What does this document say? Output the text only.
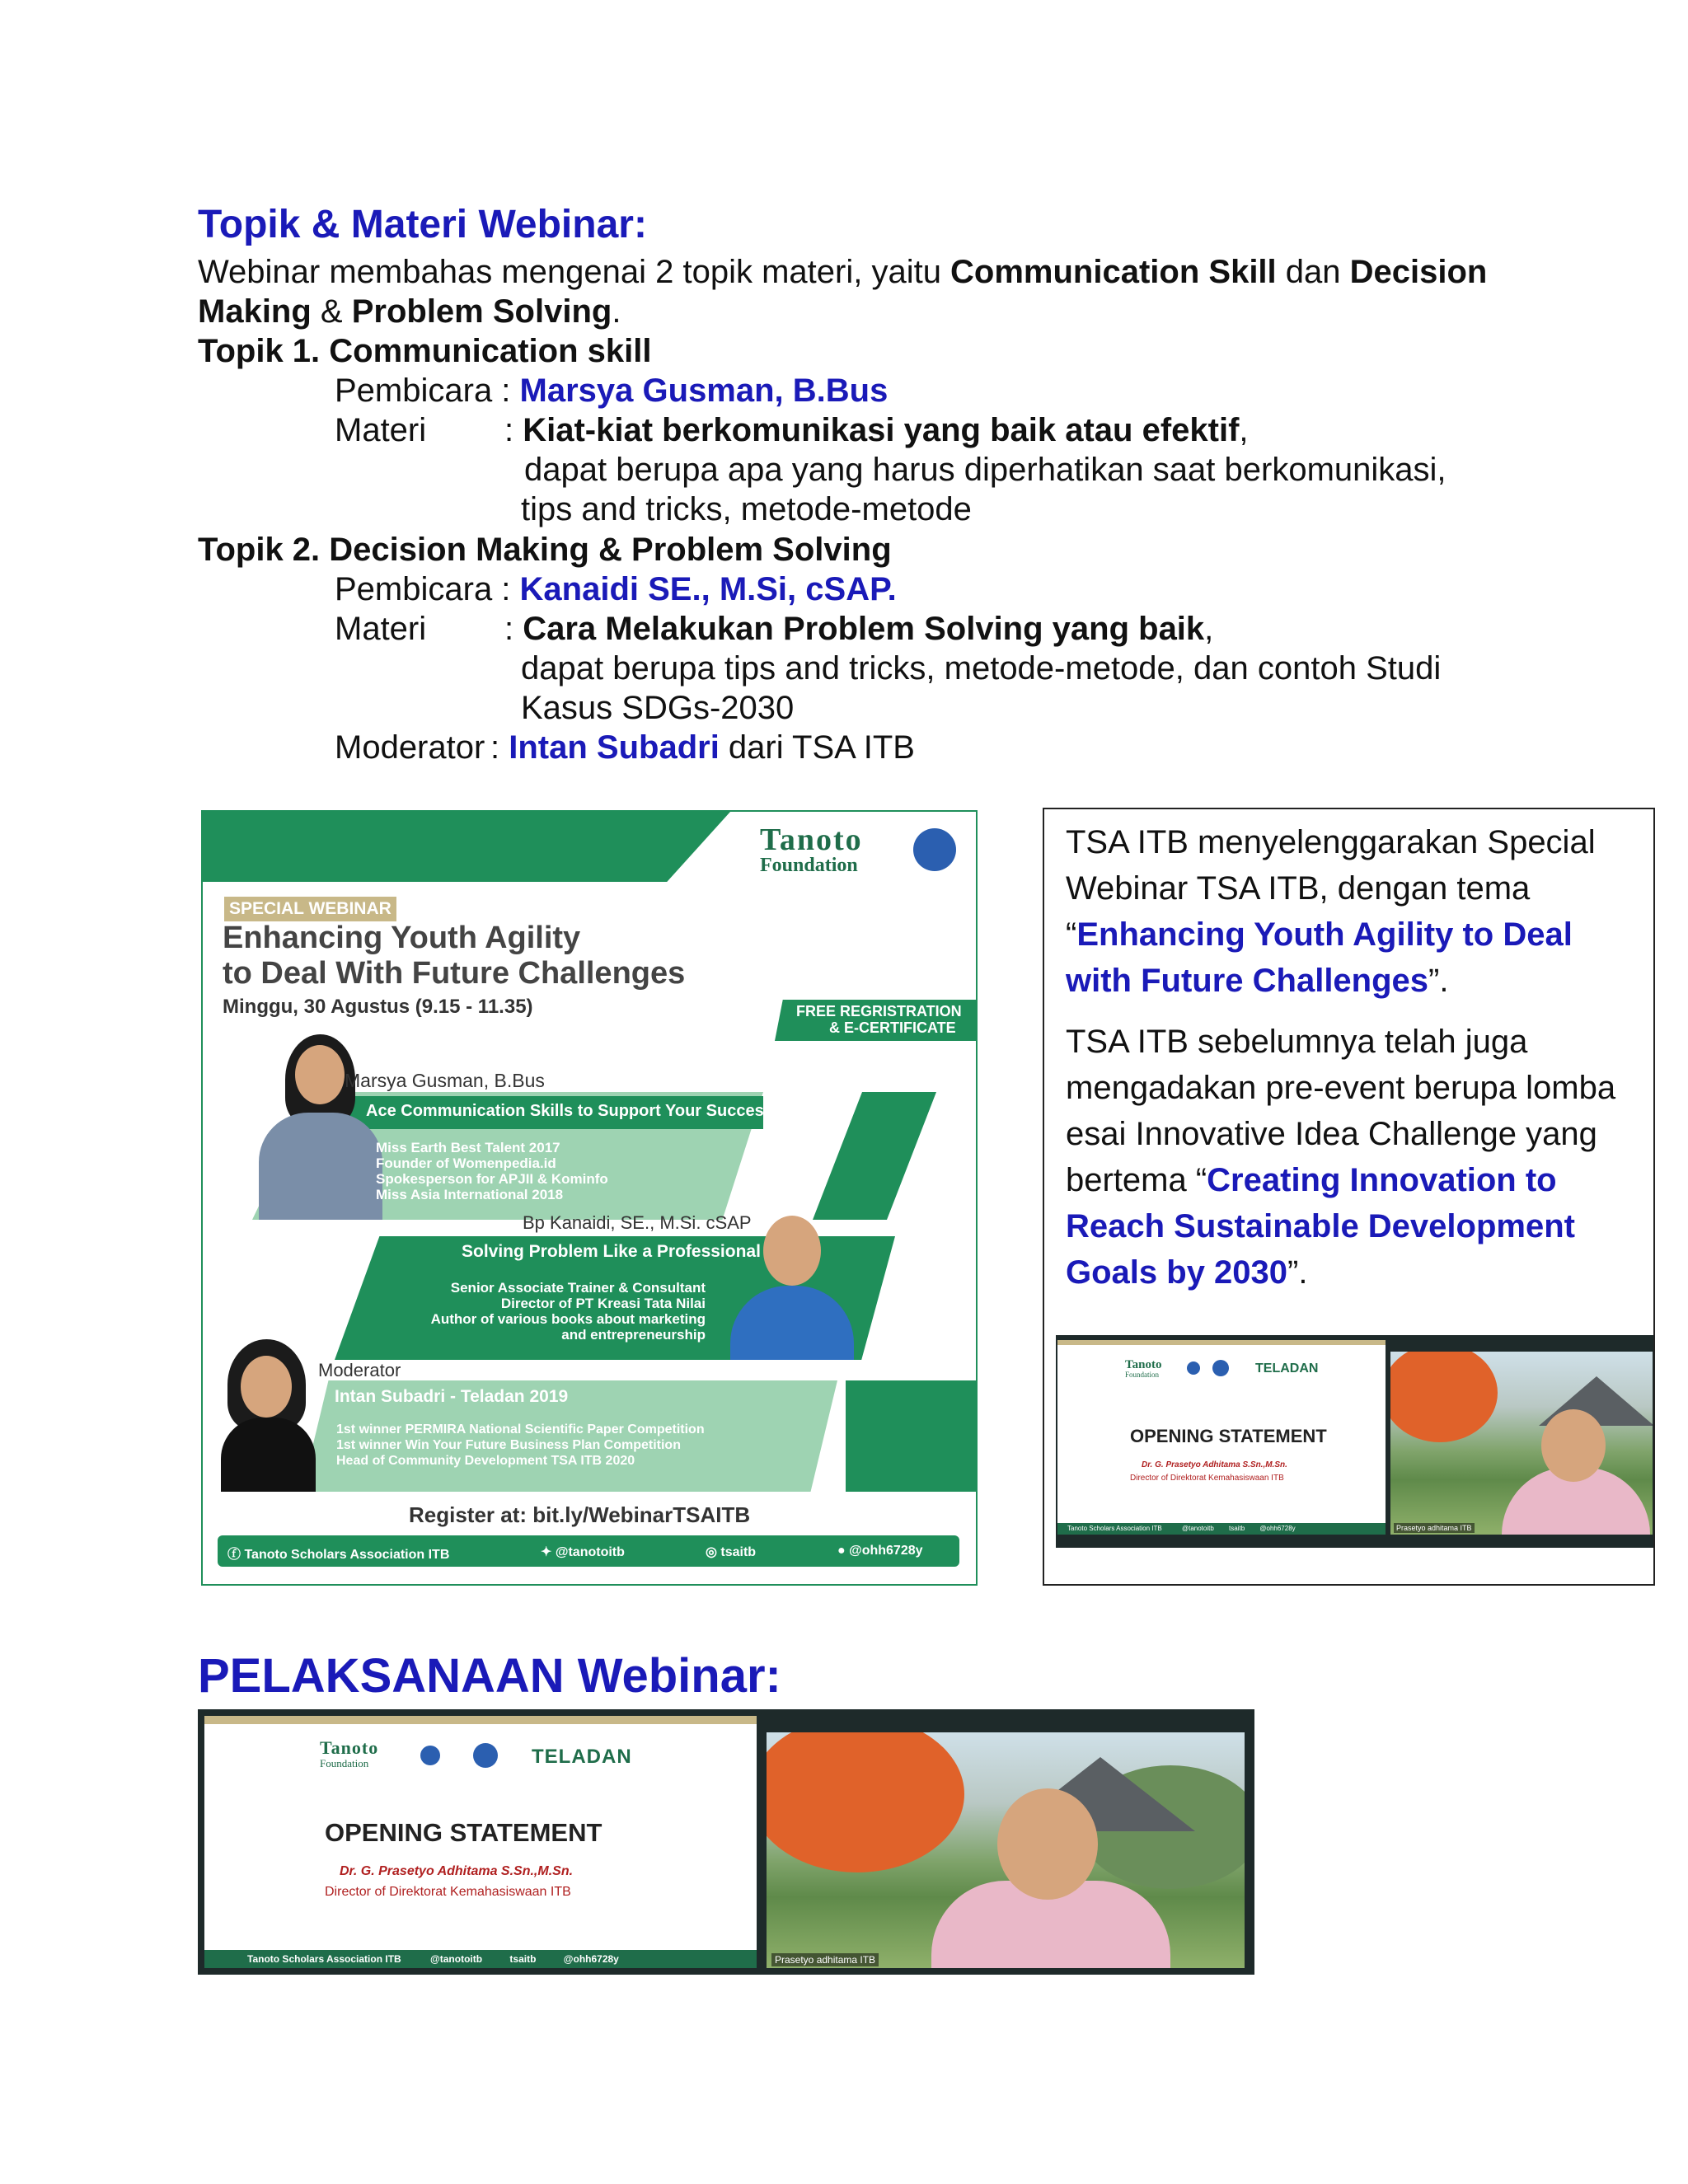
Topik & Materi Webinar:
Webinar membahas mengenai 2 topik materi, yaitu Communication Skill dan Decision
Making & Problem Solving.
Topik 1. Communication skill
Pembicara : Marsya Gusman, B.Bus
Materi : Kiat-kiat berkomunikasi yang baik atau efektif,
dapat berupa apa yang harus diperhatikan saat berkomunikasi,
tips and tricks, metode-metode
Topik 2. Decision Making & Problem Solving
Pembicara : Kanaidi SE., M.Si, cSAP.
Materi : Cara Melakukan Problem Solving yang baik,
dapat berupa tips and tricks, metode-metode, dan contoh Studi
Kasus SDGs-2030
Moderator : Intan Subadri dari TSA ITB
Tanoto
Foundation
SPECIAL WEBINAR
Enhancing Youth Agility
to Deal With Future Challenges
Minggu, 30 Agustus (9.15 - 11.35)	FREE REGRISTRATION
& E-CERTIFICATE
Marsya Gusman, B.Bus
Ace Communication Skills to Support Your Success
Miss Earth Best Talent 2017
Founder of Womenpedia.id
Spokesperson for APJII & Kominfo
Miss Asia International 2018
Bp Kanaidi, SE., M.Si. cSAP
Solving Problem Like a Professional
Senior Associate Trainer & Consultant
Director of PT Kreasi Tata Nilai
Author of various books about marketing
and entrepreneurship
Moderator
Intan Subadri - Teladan 2019
1st winner PERMIRA National Scientific Paper Competition
1st winner Win Your Future Business Plan Competition
Head of Community Development TSA ITB 2020
Register at: bit.ly/WebinarTSAITB
ⓕ Tanoto Scholars Association ITB	✦ @tanotoitb	◎ tsaitb	● @ohh6728y
TSA ITB menyelenggarakan Special Webinar TSA ITB, dengan tema “Enhancing Youth Agility to Deal with Future Challenges”.
TSA ITB sebelumnya telah juga mengadakan pre-event berupa lomba esai Innovative Idea Challenge yang bertema “Creating Innovation to Reach Sustainable Development Goals by 2030”.
Tanoto
Foundation	TELADAN
OPENING STATEMENT
Dr. G. Prasetyo Adhitama S.Sn.,M.Sn.
Director of Direktorat Kemahasiswaan ITB
Tanoto Scholars Association ITB	@tanotoitb tsaitb @ohh6728y	Prasetyo adhitama ITB
PELAKSANAAN Webinar:
Tanoto
Foundation	TELADAN
OPENING STATEMENT
Dr. G. Prasetyo Adhitama S.Sn.,M.Sn.
Director of Direktorat Kemahasiswaan ITB
Tanoto Scholars Association ITB	@tanotoitb	tsaitb	@ohh6728y	Prasetyo adhitama ITB
